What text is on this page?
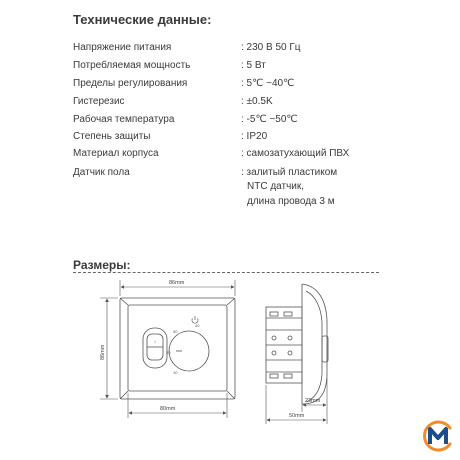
Технические данные:
Напряжение питания	: 230 В 50 Гц
Потребляемая мощность	: 5 Вт
Пределы регулирования	: 5℃ ~40℃
Гистерезис	: ±0.5K
Рабочая температура	: -5℃ ~50℃
Степень защиты	: IP20
Материал корпуса	: самозатухающий ПВХ
Датчик пола	: залитый пластиком
NTC датчик,
длина провода 3 м
Размеры:
I
30
40
20
10
86mm
86mm
80mm
23mm
50mm
